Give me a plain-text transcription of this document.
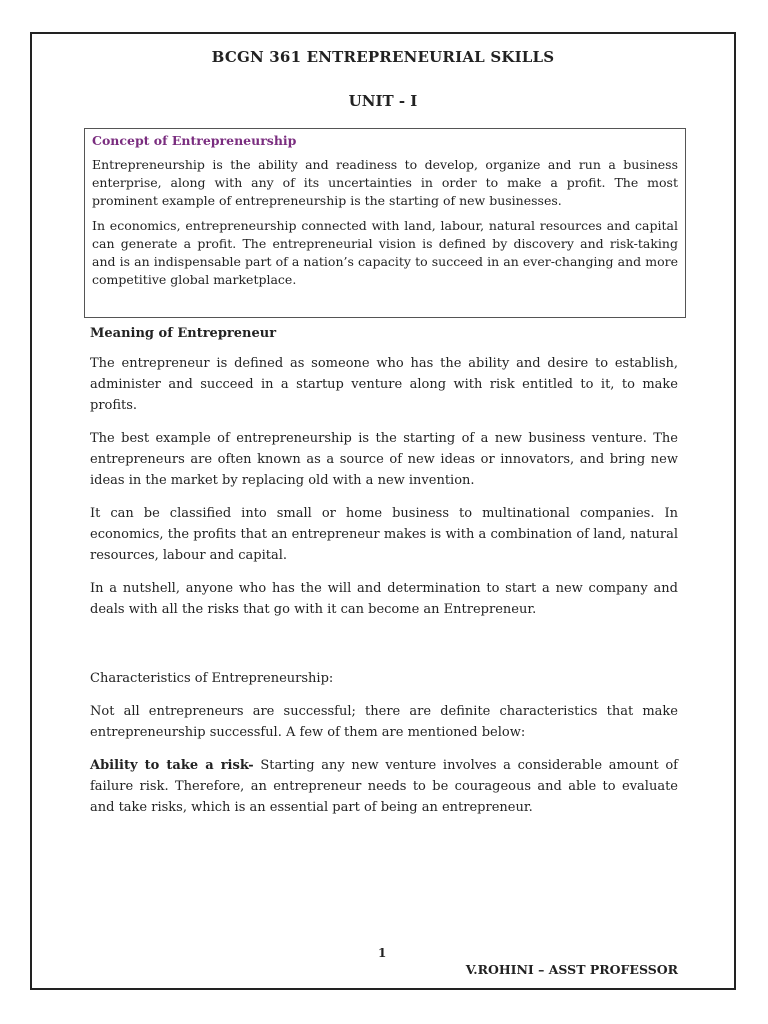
BCGN 361 ENTREPRENEURIAL SKILLS
UNIT - I
Concept of Entrepreneurship

Entrepreneurship is the ability and readiness to develop, organize and run a business enterprise, along with any of its uncertainties in order to make a profit. The most prominent example of entrepreneurship is the starting of new businesses.

In economics, entrepreneurship connected with land, labour, natural resources and capital can generate a profit. The entrepreneurial vision is defined by discovery and risk-taking and is an indispensable part of a nation’s capacity to succeed in an ever-changing and more competitive global marketplace.

Meaning of Entrepreneur

The entrepreneur is defined as someone who has the ability and desire to establish, administer and succeed in a startup venture along with risk entitled to it, to make profits.

The best example of entrepreneurship is the starting of a new business venture. The entrepreneurs are often known as a source of new ideas or innovators, and bring new ideas in the market by replacing old with a new invention.

It can be classified into small or home business to multinational companies. In economics, the profits that an entrepreneur makes is with a combination of land, natural resources, labour and capital.

In a nutshell, anyone who has the will and determination to start a new company and deals with all the risks that go with it can become an Entrepreneur.

Characteristics of Entrepreneurship:

Not all entrepreneurs are successful; there are definite characteristics that make entrepreneurship successful. A few of them are mentioned below:

Ability to take a risk- Starting any new venture involves a considerable amount of failure risk. Therefore, an entrepreneur needs to be courageous and able to evaluate and take risks, which is an essential part of being an entrepreneur.

1
V.ROHINI – ASST PROFESSOR
